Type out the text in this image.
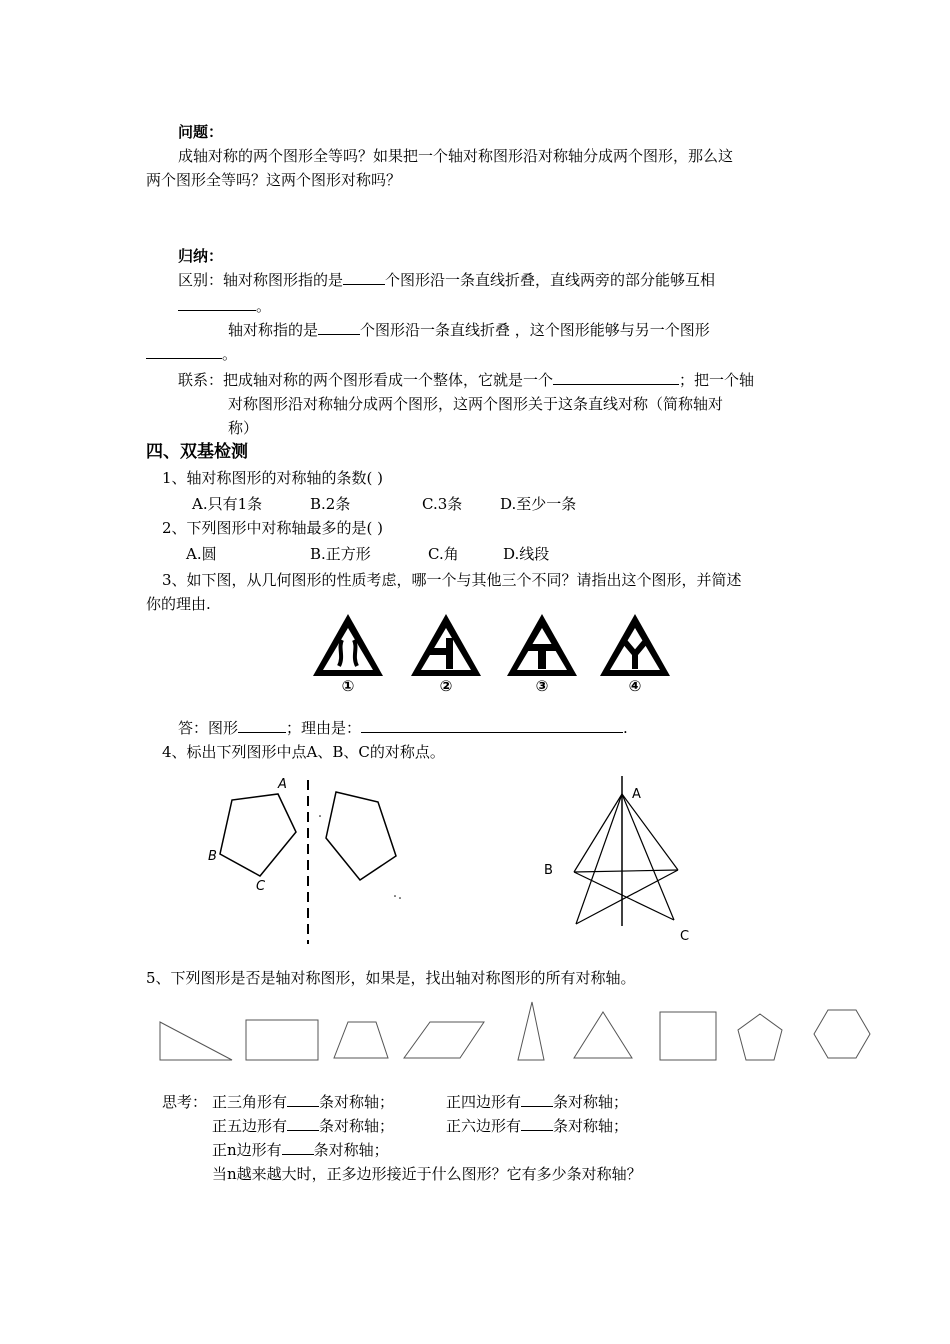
问题：
成轴对称的两个图形全等吗？如果把一个轴对称图形沿对称轴分成两个图形，那么这
两个图形全等吗？这两个图形对称吗？
归纳：
区别：轴对称图形指的是	个图形沿一条直线折叠，直线两旁的部分能够互相
。
轴对称指的是	个图形沿一条直线折叠 ，这个图形能够与另一个图形
。
联系：把成轴对称的两个图形看成一个整体，它就是一个	；把一个轴
对称图形沿对称轴分成两个图形，这两个图形关于这条直线对称（简称轴对
称）
四、双基检测
1、轴对称图形的对称轴的条数( )
A.只有1条	B.2条	C.3条	D.至少一条
2、下列图形中对称轴最多的是( )
A.圆	B.正方形	C.角	D.线段
3、如下图，从几何图形的性质考虑，哪一个与其他三个不同？请指出这个图形，并简述
你的理由.
①	②	③	④
答：图形	；理由是：	.
4、标出下列图形中点A、B、C的对称点。
A
B
C
A
B
C
5、下列图形是否是轴对称图形，如果是，找出轴对称图形的所有对称轴。
思考： 正三角形有 条对称轴；	正四边形有 条对称轴；
正五边形有 条对称轴；	正六边形有 条对称轴；
正n边形有 条对称轴；
当n越来越大时，正多边形接近于什么图形？它有多少条对称轴？
